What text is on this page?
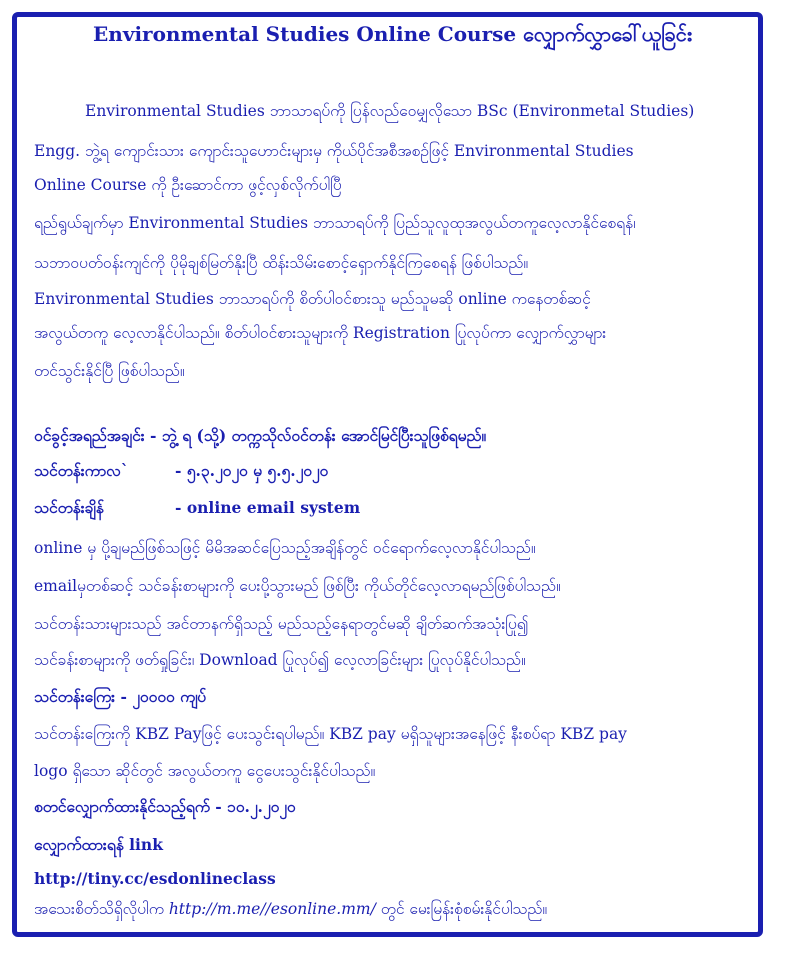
Environmental Studies Online Course လျှောက်လွှာခေါ်ယူခြင်း
Environmental Studies ဘာသာရပ်ကို ပြန်လည်ဝေမျှလိုသော BSc (Environmetal Studies)
Engg. ဘွဲ့ရ ကျောင်းသား ကျောင်းသူဟောင်းများမှ ကိုယ်ပိုင်အစီအစဉ်ဖြင့် Environmental Studies
Online Course ကို ဦးဆောင်ကာ ဖွင့်လှစ်လိုက်ပါပြီ
ရည်ရွယ်ချက်မှာ Environmental Studies ဘာသာရပ်ကို ပြည်သူလူထုအလွယ်တကူလေ့လာနိုင်စေရန်၊
သဘာဝပတ်ဝန်းကျင်ကို ပိုမိုချစ်မြတ်နိုးပြီ ထိန်းသိမ်းစောင့်ရှောက်နိုင်ကြစေရန် ဖြစ်ပါသည်။
Environmental Studies ဘာသာရပ်ကို စိတ်ပါဝင်စားသူ မည်သူမဆို online ကနေတစ်ဆင့်
အလွယ်တကူ လေ့လာနိုင်ပါသည်။ စိတ်ပါဝင်စားသူများကို Registration ပြုလုပ်ကာ လျှောက်လွှာများ
တင်သွင်းနိုင်ပြီ ဖြစ်ပါသည်။
ဝင်ခွင့်အရည်အချင်း - ဘွဲ့ ရ (သို့) တက္ကသိုလ်ဝင်တန်း အောင်မြင်ပြီးသူဖြစ်ရမည်။
သင်တန်းကာလ`	- ၅.၃.၂၀၂၀ မှ ၅.၅.၂၀၂၀
သင်တန်းချိန်	- online email system
online မှ ပို့ချမည်ဖြစ်သဖြင့် မိမိအဆင်ပြေသည့်အချိန်တွင် ဝင်ရောက်လေ့လာနိုင်ပါသည်။
emailမှတစ်ဆင့် သင်ခန်းစာများကို ပေးပို့သွားမည် ဖြစ်ပြီး ကိုယ်တိုင်လေ့လာရမည်ဖြစ်ပါသည်။
သင်တန်းသားများသည် အင်တာနက်ရှိသည့် မည်သည့်နေရာတွင်မဆို ချိတ်ဆက်အသုံးပြု၍
သင်ခန်းစာများကို ဖတ်ရှုခြင်း၊ Download ပြုလုပ်၍ လေ့လာခြင်းများ ပြုလုပ်နိုင်ပါသည်။
သင်တန်းကြေး - ၂၀၀၀၀ ကျပ်
သင်တန်းကြေးကို KBZ Payဖြင့် ပေးသွင်းရပါမည်။ KBZ pay မရှိသူများအနေဖြင့် နီးစပ်ရာ KBZ pay
logo ရှိသော ဆိုင်တွင် အလွယ်တကူ ငွေပေးသွင်းနိုင်ပါသည်။
စတင်လျှောက်ထားနိုင်သည့်ရက် - ၁၀.၂.၂၀၂၀
လျှောက်ထားရန် link
http://tiny.cc/esdonlineclass
အသေးစိတ်သိရှိလိုပါက http://m.me//esonline.mm/ တွင် မေးမြန်းစုံစမ်းနိုင်ပါသည်။
